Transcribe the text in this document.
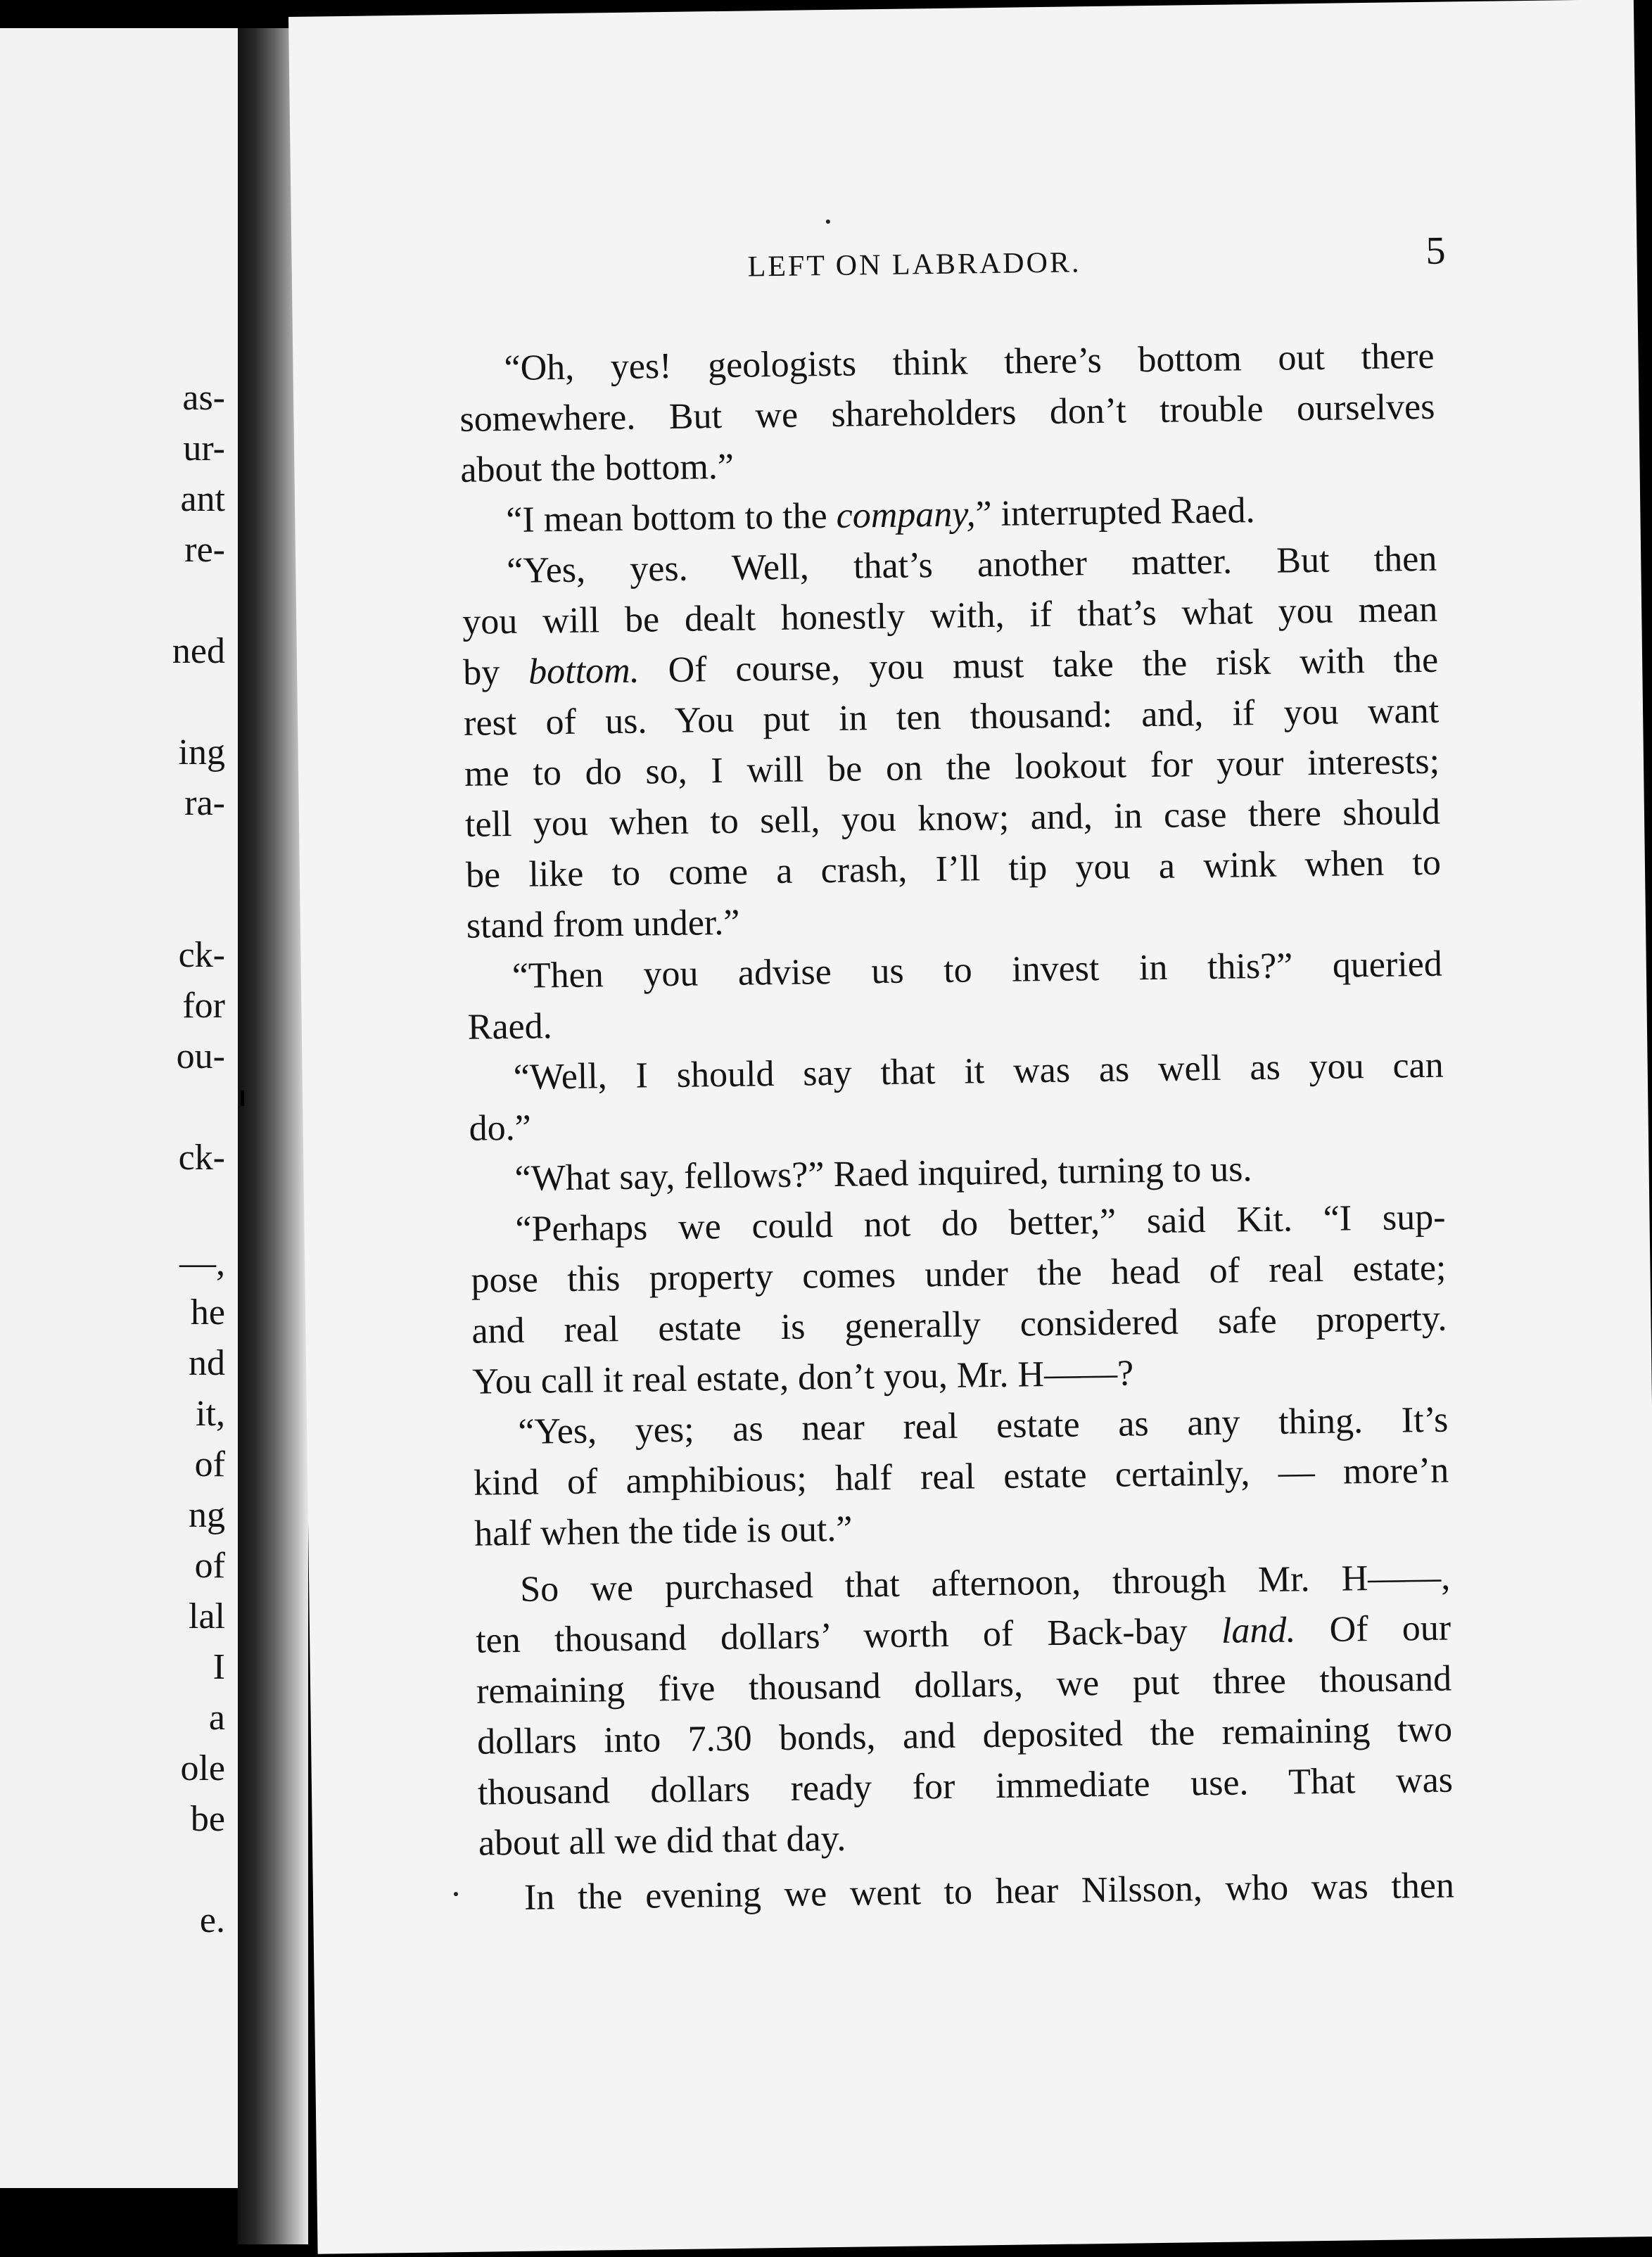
as-
ur-
ant
re-
ned
ing
ra-
ck-
for
ou-
ck-
—,
he
nd
it,
of
ng
of
lal
I
a
ole
be
e.
LEFT ON LABRADOR.	5
“Oh, yes! geologists think there’s bottom out there
somewhere. But we shareholders don’t trouble ourselves
about the bottom.”
“I mean bottom to the company,” interrupted Raed.
“Yes, yes. Well, that’s another matter. But then
you will be dealt honestly with, if that’s what you mean
by bottom. Of course, you must take the risk with the
rest of us. You put in ten thousand: and, if you want
me to do so, I will be on the lookout for your interests;
tell you when to sell, you know; and, in case there should
be like to come a crash, I’ll tip you a wink when to
stand from under.”
“Then you advise us to invest in this?” queried
Raed.
“Well, I should say that it was as well as you can
do.”
“What say, fellows?” Raed inquired, turning to us.
“Perhaps we could not do better,” said Kit. “I sup-
pose this property comes under the head of real estate;
and real estate is generally considered safe property.
You call it real estate, don’t you, Mr. H——?
“Yes, yes; as near real estate as any thing. It’s
kind of amphibious; half real estate certainly, — more’n
half when the tide is out.”
So we purchased that afternoon, through Mr. H——,
ten thousand dollars’ worth of Back-bay land. Of our
remaining five thousand dollars, we put three thousand
dollars into 7.30 bonds, and deposited the remaining two
thousand dollars ready for immediate use. That was
about all we did that day.
In the evening we went to hear Nilsson, who was then
